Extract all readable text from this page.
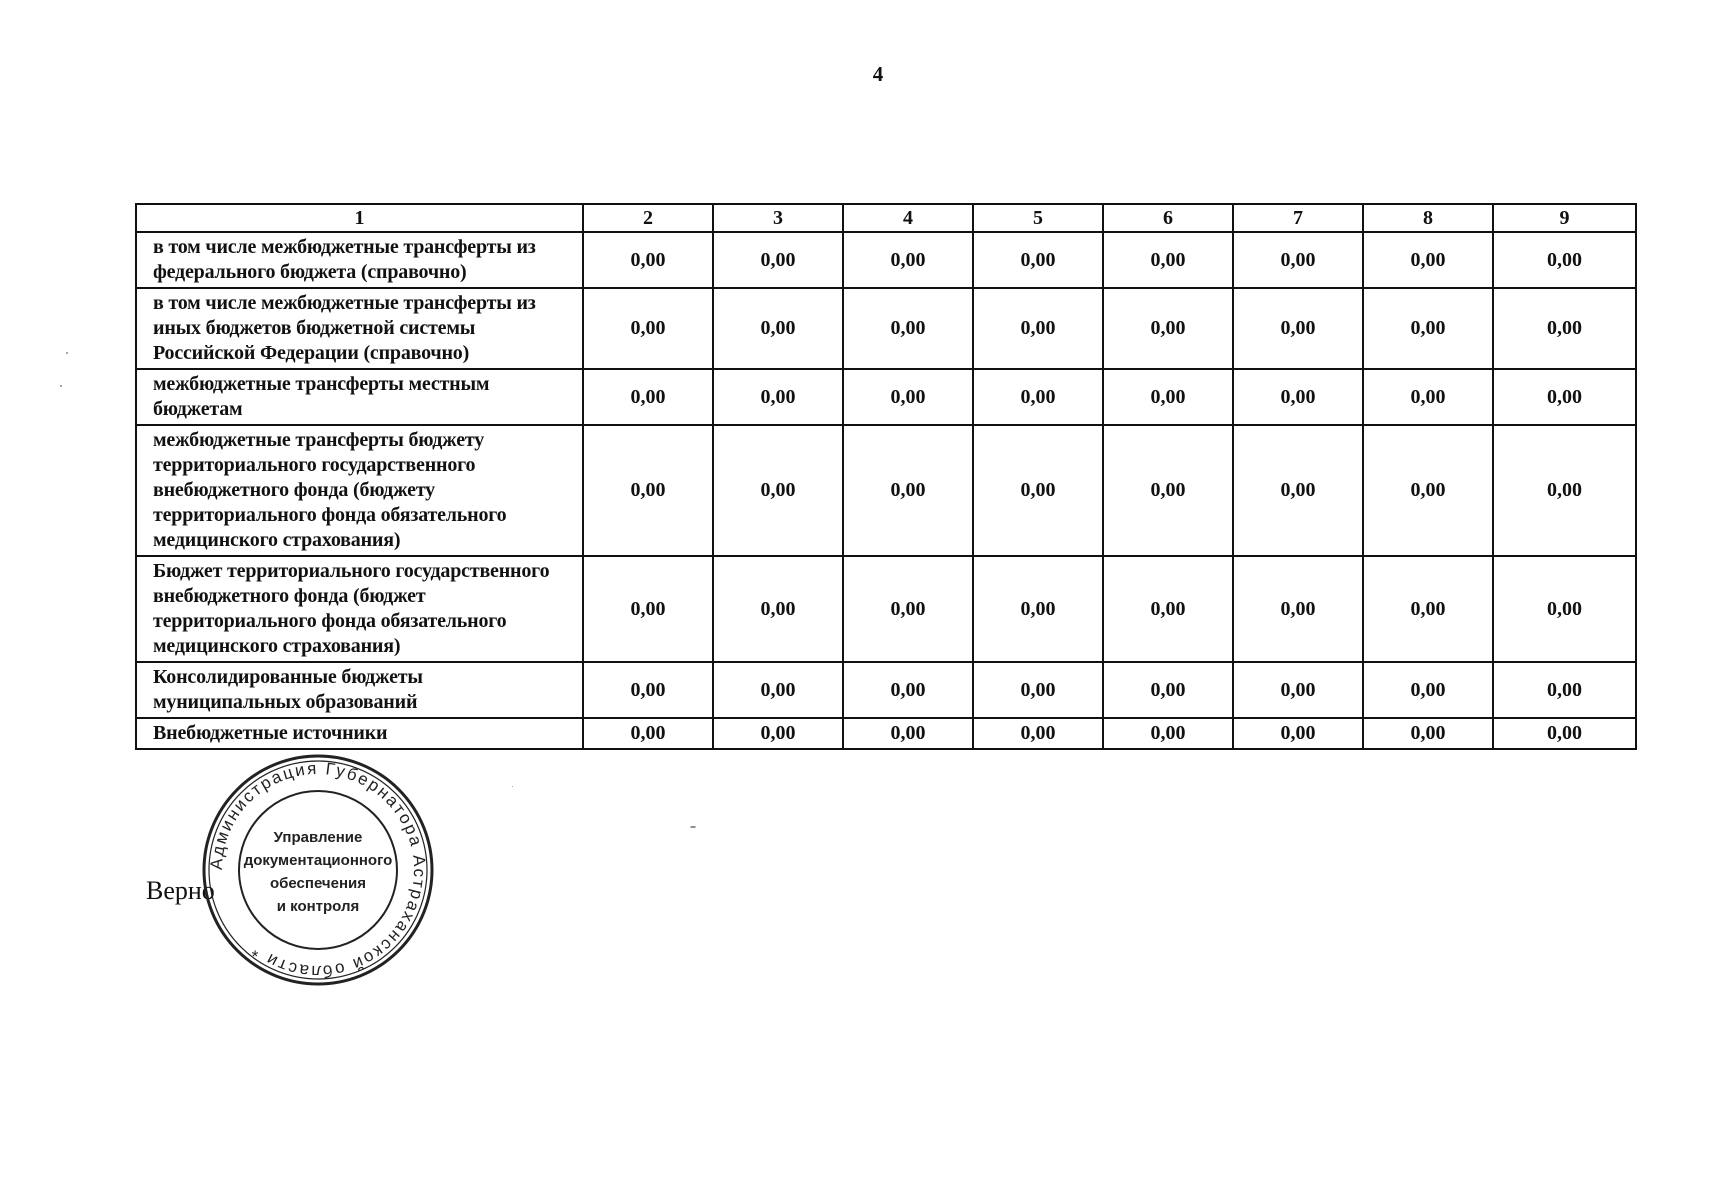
4
1	2	3	4	5	6	7	8	9
в том числе межбюджетные трансферты из федерального бюджета (справочно)	0,00	0,00	0,00	0,00	0,00	0,00	0,00	0,00
в том числе межбюджетные трансферты из иных бюджетов бюджетной системы Российской Федерации (справочно)	0,00	0,00	0,00	0,00	0,00	0,00	0,00	0,00
межбюджетные трансферты местным бюджетам	0,00	0,00	0,00	0,00	0,00	0,00	0,00	0,00
межбюджетные трансферты бюджету территориального государственного внебюджетного фонда (бюджету территориального фонда обязательного медицинского страхования)	0,00	0,00	0,00	0,00	0,00	0,00	0,00	0,00
Бюджет территориального государственного внебюджетного фонда (бюджет территориального фонда обязательного медицинского страхования)	0,00	0,00	0,00	0,00	0,00	0,00	0,00	0,00
Консолидированные бюджеты муниципальных образований	0,00	0,00	0,00	0,00	0,00	0,00	0,00	0,00
Внебюджетные источники	0,00	0,00	0,00	0,00	0,00	0,00	0,00	0,00
Верно
Администрация Губернатора Астраханской области *
Управление
документационного
обеспечения
и контроля
